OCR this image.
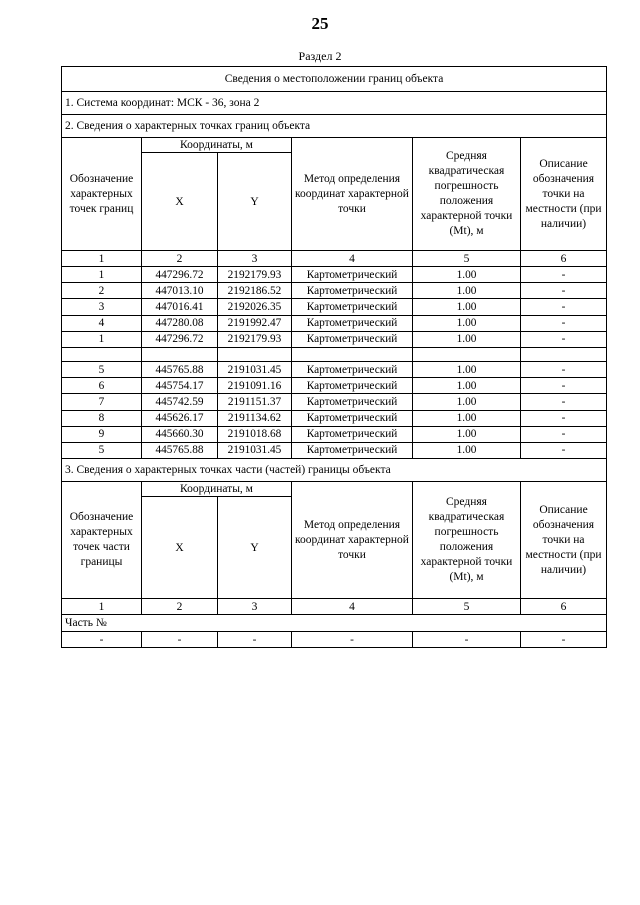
25
Раздел 2
Сведения о местоположении границ объекта					
1. Система координат: МСК - 36, зона 2					
2. Сведения о характерных точках границ объекта					
Обозначение характерных точек границ	Координаты, м		Метод определения координат характерной точки	Средняя квадратическая погрешность положения характерной точки (Mt), м	Описание обозначения точки на местности (при наличии)
	X	Y			
1	2	3	4	5	6
1	447296.72	2192179.93	Картометрический	1.00	-
2	447013.10	2192186.52	Картометрический	1.00	-
3	447016.41	2192026.35	Картометрический	1.00	-
4	447280.08	2191992.47	Картометрический	1.00	-
1	447296.72	2192179.93	Картометрический	1.00	-

5	445765.88	2191031.45	Картометрический	1.00	-
6	445754.17	2191091.16	Картометрический	1.00	-
7	445742.59	2191151.37	Картометрический	1.00	-
8	445626.17	2191134.62	Картометрический	1.00	-
9	445660.30	2191018.68	Картометрический	1.00	-
5	445765.88	2191031.45	Картометрический	1.00	-
3. Сведения о характерных точках части (частей) границы объекта					
Обозначение характерных точек части границы	Координаты, м		Метод определения координат характерной точки	Средняя квадратическая погрешность положения характерной точки (Mt), м	Описание обозначения точки на местности (при наличии)
	X	Y			
1	2	3	4	5	6
Часть №					
-	-	-	-	-	-
